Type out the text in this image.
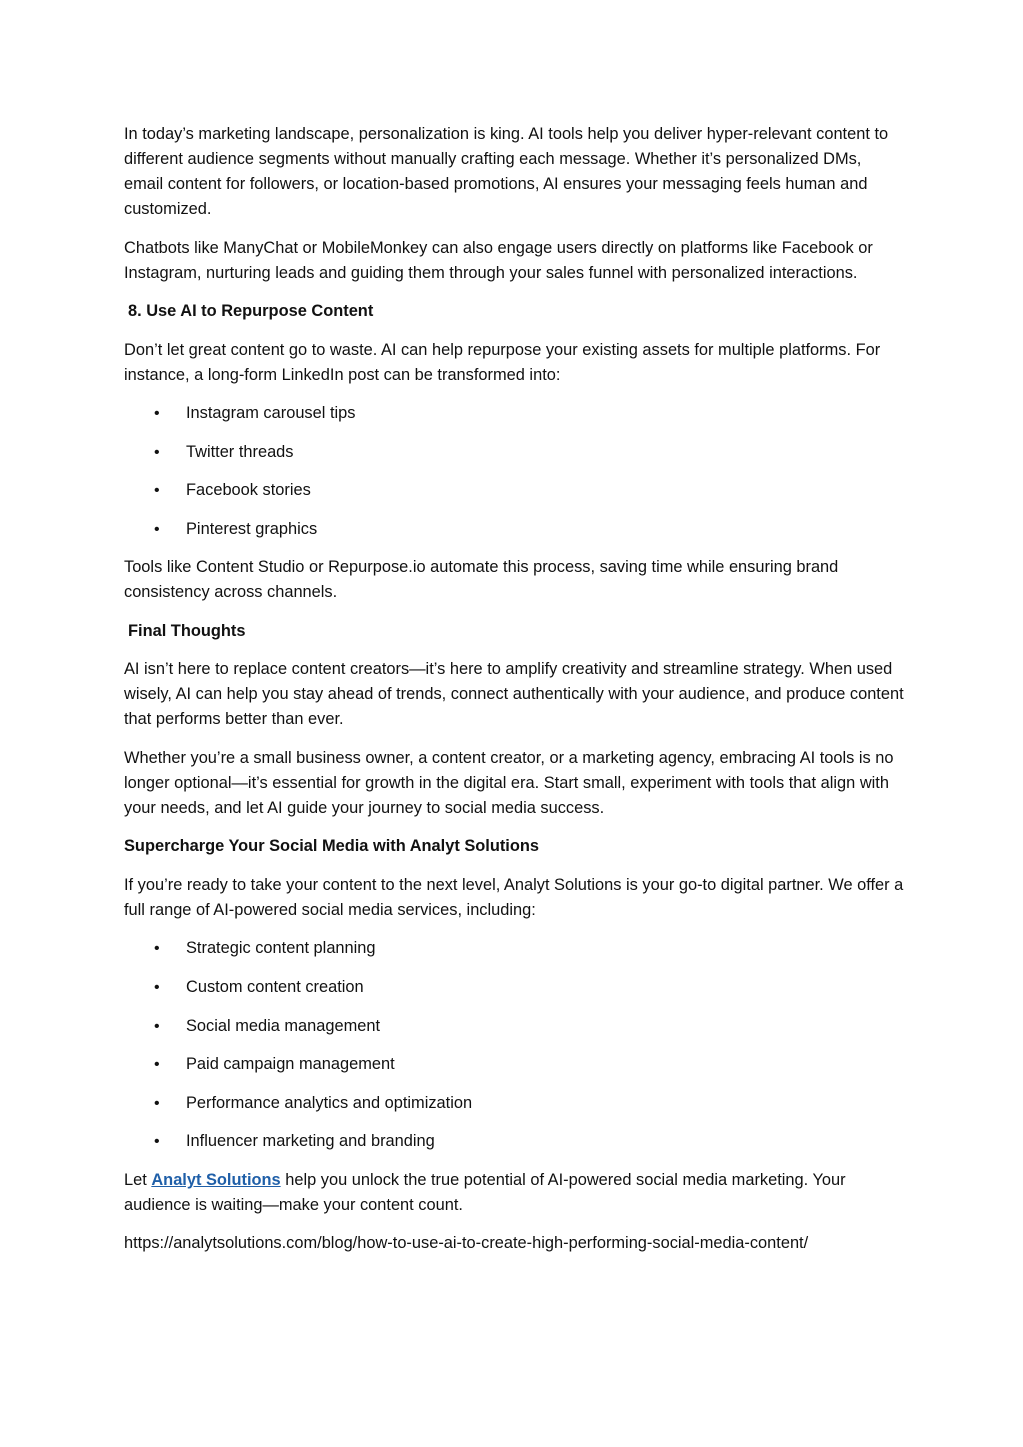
In today’s marketing landscape, personalization is king. AI tools help you deliver hyper-relevant content to different audience segments without manually crafting each message. Whether it’s personalized DMs, email content for followers, or location-based promotions, AI ensures your messaging feels human and customized.

Chatbots like ManyChat or MobileMonkey can also engage users directly on platforms like Facebook or Instagram, nurturing leads and guiding them through your sales funnel with personalized interactions.

8. Use AI to Repurpose Content

Don’t let great content go to waste. AI can help repurpose your existing assets for multiple platforms. For instance, a long-form LinkedIn post can be transformed into:

• Instagram carousel tips
• Twitter threads
• Facebook stories
• Pinterest graphics

Tools like Content Studio or Repurpose.io automate this process, saving time while ensuring brand consistency across channels.

Final Thoughts

AI isn’t here to replace content creators—it’s here to amplify creativity and streamline strategy. When used wisely, AI can help you stay ahead of trends, connect authentically with your audience, and produce content that performs better than ever.

Whether you’re a small business owner, a content creator, or a marketing agency, embracing AI tools is no longer optional—it’s essential for growth in the digital era. Start small, experiment with tools that align with your needs, and let AI guide your journey to social media success.

Supercharge Your Social Media with Analyt Solutions

If you’re ready to take your content to the next level, Analyt Solutions is your go-to digital partner. We offer a full range of AI-powered social media services, including:

• Strategic content planning
• Custom content creation
• Social media management
• Paid campaign management
• Performance analytics and optimization
• Influencer marketing and branding

Let Analyt Solutions help you unlock the true potential of AI-powered social media marketing. Your audience is waiting—make your content count.

https://analytsolutions.com/blog/how-to-use-ai-to-create-high-performing-social-media-content/
